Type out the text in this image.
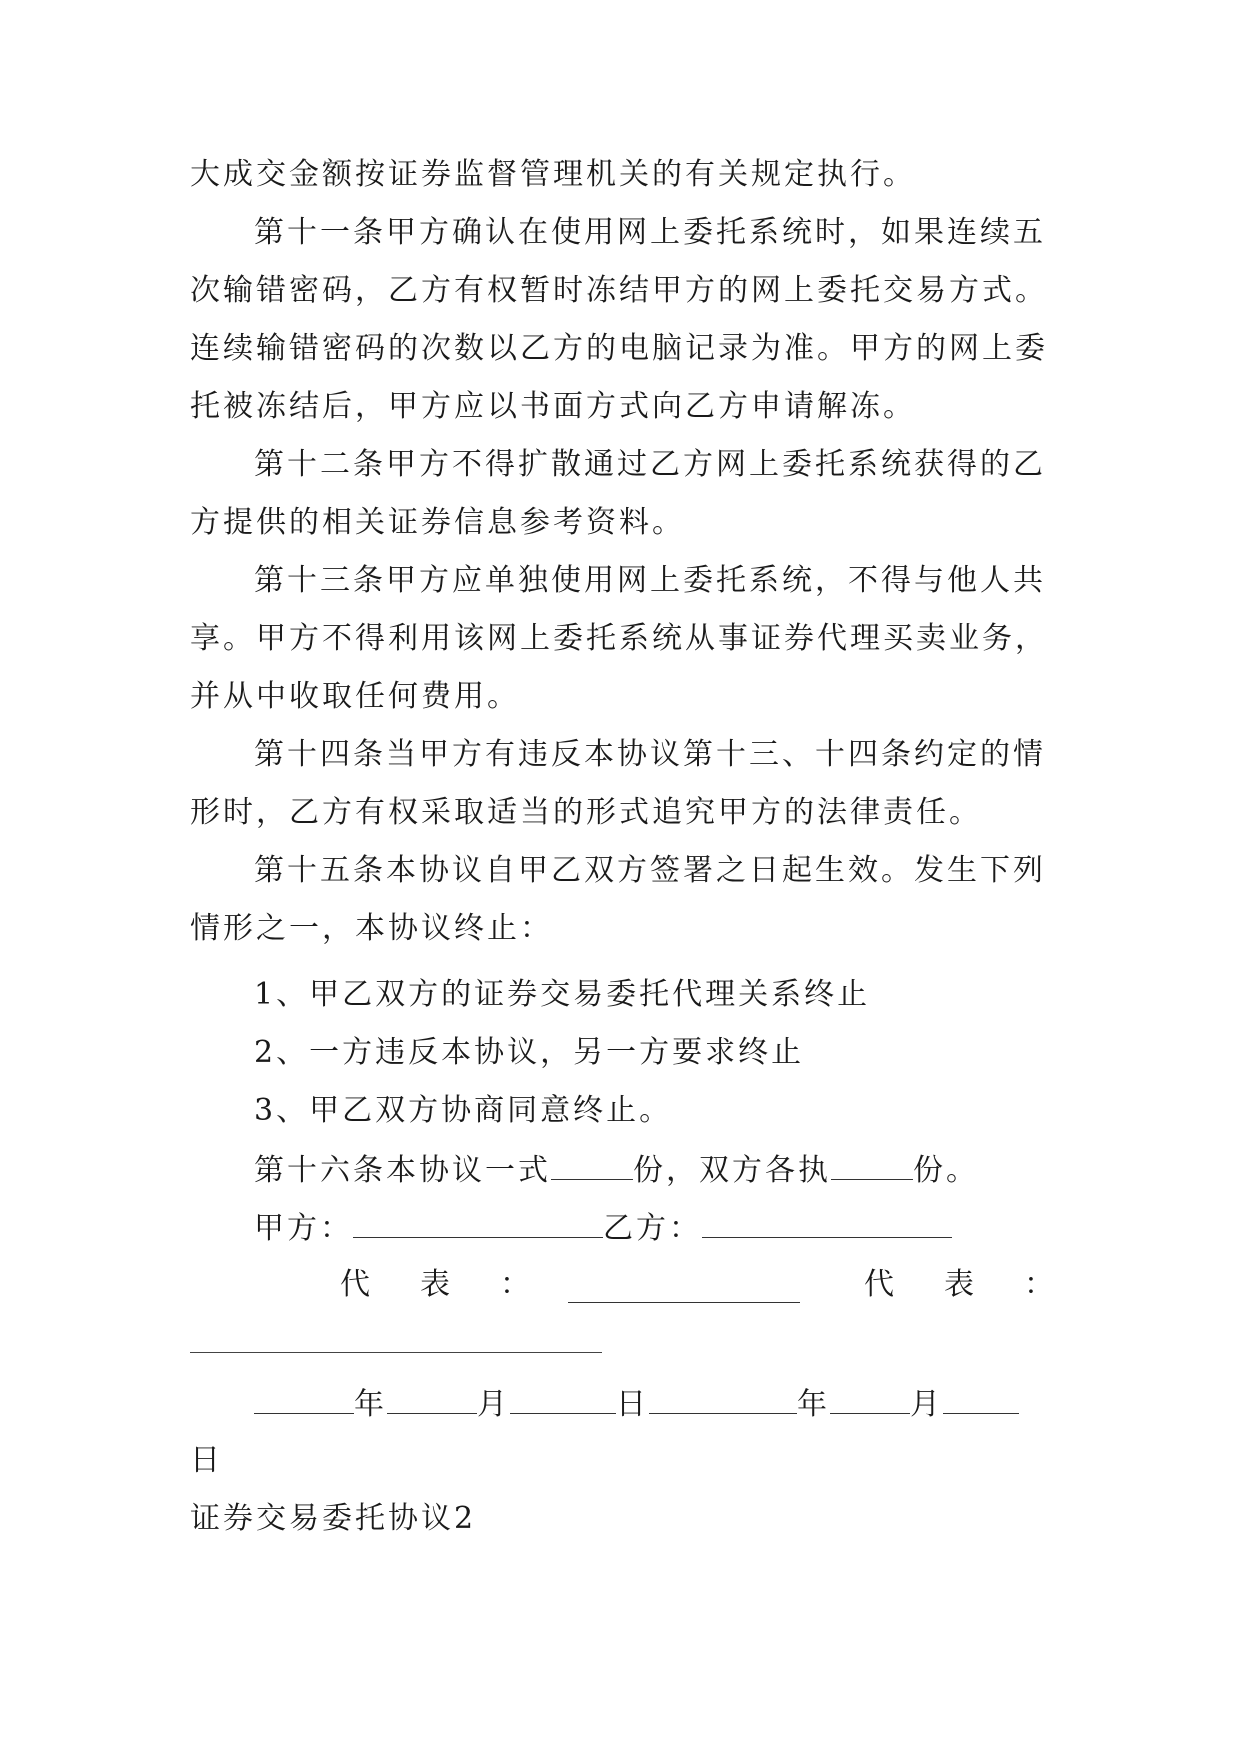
大成交金额按证券监督管理机关的有关规定执行。

第十一条甲方确认在使用网上委托系统时，如果连续五次输错密码，乙方有权暂时冻结甲方的网上委托交易方式。连续输错密码的次数以乙方的电脑记录为准。甲方的网上委托被冻结后，甲方应以书面方式向乙方申请解冻。

第十二条甲方不得扩散通过乙方网上委托系统获得的乙方提供的相关证券信息参考资料。

第十三条甲方应单独使用网上委托系统，不得与他人共享。甲方不得利用该网上委托系统从事证券代理买卖业务，并从中收取任何费用。

第十四条当甲方有违反本协议第十三、十四条约定的情形时，乙方有权采取适当的形式追究甲方的法律责任。

第十五条本协议自甲乙双方签署之日起生效。发生下列情形之一，本协议终止：

1、甲乙双方的证券交易委托代理关系终止
2、一方违反本协议，另一方要求终止
3、甲乙双方协商同意终止。
第十六条本协议一式	份，双方各执	份。
甲方：	乙方：
代　表　：	代　表　：
年	月	日	年	月
日
证券交易委托协议2
